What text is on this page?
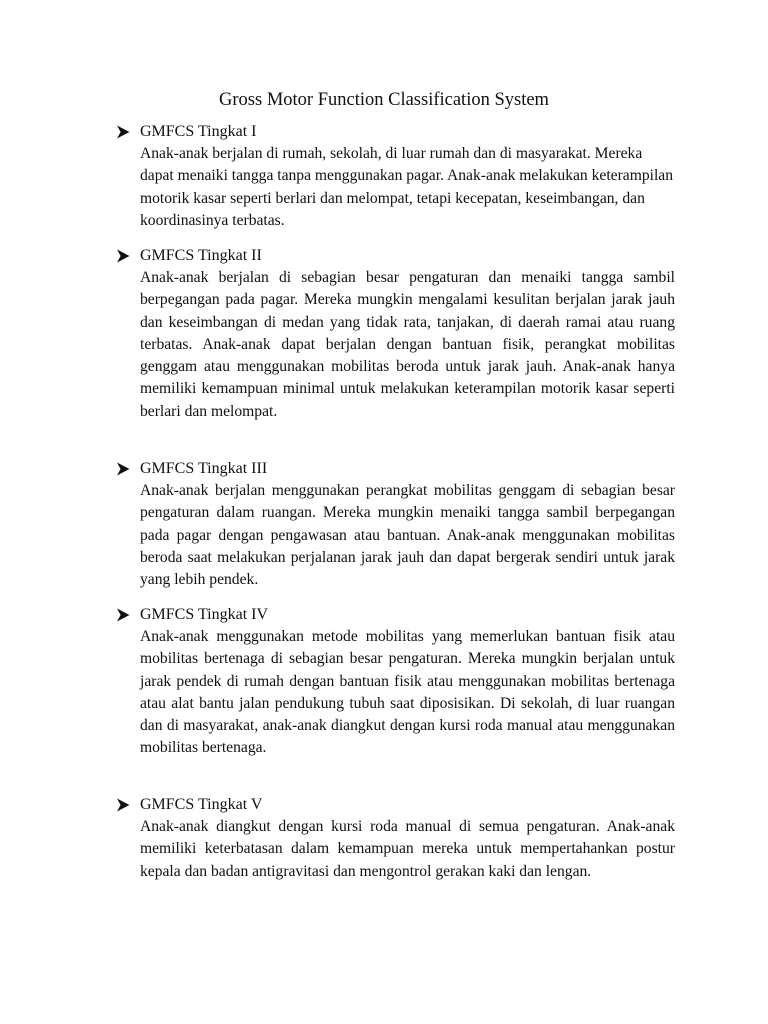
Gross Motor Function Classification System
GMFCS Tingkat I

Anak-anak berjalan di rumah, sekolah, di luar rumah dan di masyarakat. Mereka dapat menaiki tangga tanpa menggunakan pagar. Anak-anak melakukan keterampilan motorik kasar seperti berlari dan melompat, tetapi kecepatan, keseimbangan, dan koordinasinya terbatas.

GMFCS Tingkat II

Anak-anak berjalan di sebagian besar pengaturan dan menaiki tangga sambil berpegangan pada pagar. Mereka mungkin mengalami kesulitan berjalan jarak jauh dan keseimbangan di medan yang tidak rata, tanjakan, di daerah ramai atau ruang terbatas. Anak-anak dapat berjalan dengan bantuan fisik, perangkat mobilitas genggam atau menggunakan mobilitas beroda untuk jarak jauh. Anak-anak hanya memiliki kemampuan minimal untuk melakukan keterampilan motorik kasar seperti berlari dan melompat.

GMFCS Tingkat III

Anak-anak berjalan menggunakan perangkat mobilitas genggam di sebagian besar pengaturan dalam ruangan. Mereka mungkin menaiki tangga sambil berpegangan pada pagar dengan pengawasan atau bantuan. Anak-anak menggunakan mobilitas beroda saat melakukan perjalanan jarak jauh dan dapat bergerak sendiri untuk jarak yang lebih pendek.

GMFCS Tingkat IV

Anak-anak menggunakan metode mobilitas yang memerlukan bantuan fisik atau mobilitas bertenaga di sebagian besar pengaturan. Mereka mungkin berjalan untuk jarak pendek di rumah dengan bantuan fisik atau menggunakan mobilitas bertenaga atau alat bantu jalan pendukung tubuh saat diposisikan. Di sekolah, di luar ruangan dan di masyarakat, anak-anak diangkut dengan kursi roda manual atau menggunakan mobilitas bertenaga.

GMFCS Tingkat V

Anak-anak diangkut dengan kursi roda manual di semua pengaturan. Anak-anak memiliki keterbatasan dalam kemampuan mereka untuk mempertahankan postur kepala dan badan antigravitasi dan mengontrol gerakan kaki dan lengan.
